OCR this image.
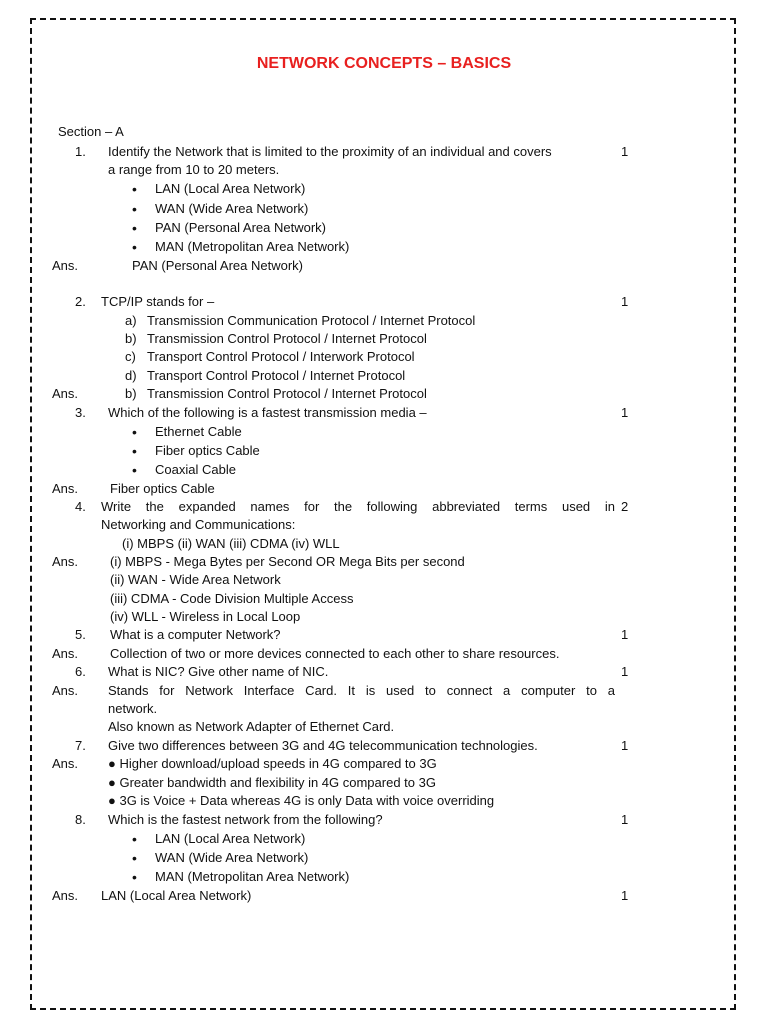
NETWORK CONCEPTS – BASICS
Section – A
1. Identify the Network that is limited to the proximity of an individual and covers	1
a range from 10 to 20 meters.
• LAN (Local Area Network)
• WAN (Wide Area Network)
• PAN (Personal Area Network)
• MAN (Metropolitan Area Network)
Ans.	PAN (Personal Area Network)
2. TCP/IP stands for –	1
a) Transmission Communication Protocol / Internet Protocol
b) Transmission Control Protocol / Internet Protocol
c) Transport Control Protocol / Interwork Protocol
d) Transport Control Protocol / Internet Protocol
Ans.	b) Transmission Control Protocol / Internet Protocol
3. Which of the following is a fastest transmission media –	1
• Ethernet Cable
• Fiber optics Cable
• Coaxial Cable
Ans. Fiber optics Cable
4. Write the expanded names for the following abbreviated terms used in 2
Networking and Communications:
(i) MBPS (ii) WAN (iii) CDMA (iv) WLL
Ans. (i) MBPS - Mega Bytes per Second OR Mega Bits per second
(ii) WAN - Wide Area Network
(iii) CDMA - Code Division Multiple Access
(iv) WLL - Wireless in Local Loop
5. What is a computer Network?	1
Ans. Collection of two or more devices connected to each other to share resources.
6. What is NIC? Give other name of NIC.	1
Ans. Stands for Network Interface Card. It is used to connect a computer to a
network.
Also known as Network Adapter of Ethernet Card.
7. Give two differences between 3G and 4G telecommunication technologies.	1
Ans. ● Higher download/upload speeds in 4G compared to 3G
● Greater bandwidth and flexibility in 4G compared to 3G
● 3G is Voice + Data whereas 4G is only Data with voice overriding
8. Which is the fastest network from the following?	1
• LAN (Local Area Network)
• WAN (Wide Area Network)
• MAN (Metropolitan Area Network)
Ans. LAN (Local Area Network)	1
